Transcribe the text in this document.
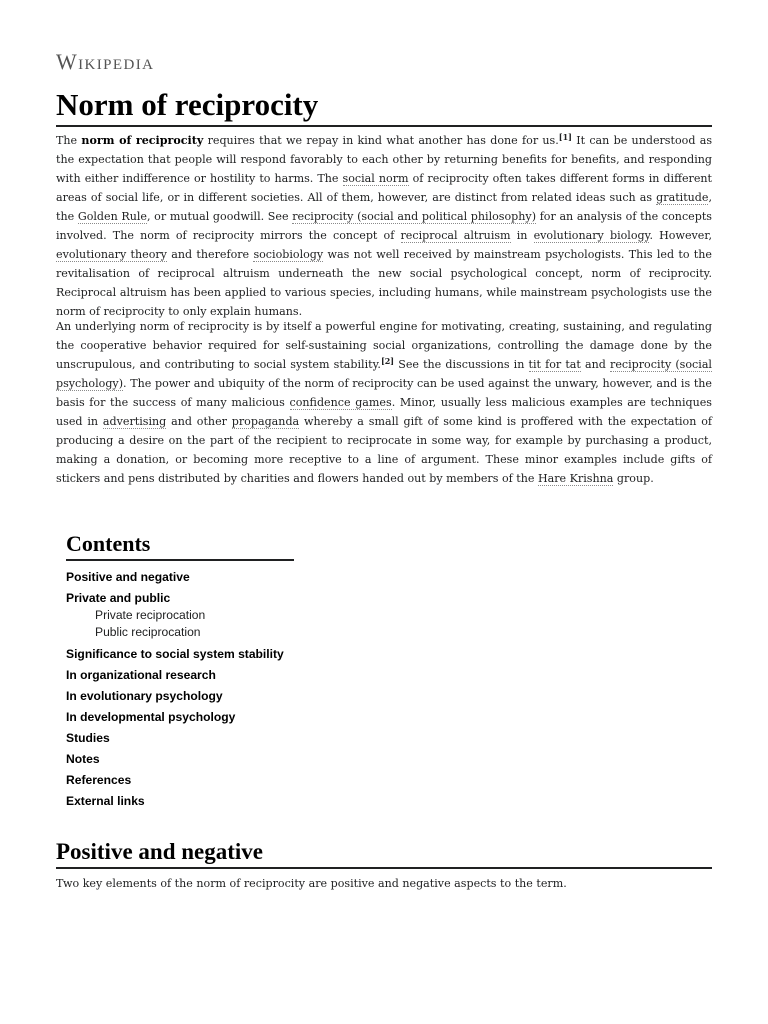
Wikipedia
Norm of reciprocity

The norm of reciprocity requires that we repay in kind what another has done for us.[1] It can be understood as the expectation that people will respond favorably to each other by returning benefits for benefits, and responding with either indifference or hostility to harms. The social norm of reciprocity often takes different forms in different areas of social life, or in different societies. All of them, however, are distinct from related ideas such as gratitude, the Golden Rule, or mutual goodwill. See reciprocity (social and political philosophy) for an analysis of the concepts involved. The norm of reciprocity mirrors the concept of reciprocal altruism in evolutionary biology. However, evolutionary theory and therefore sociobiology was not well received by mainstream psychologists. This led to the revitalisation of reciprocal altruism underneath the new social psychological concept, norm of reciprocity. Reciprocal altruism has been applied to various species, including humans, while mainstream psychologists use the norm of reciprocity to only explain humans.

An underlying norm of reciprocity is by itself a powerful engine for motivating, creating, sustaining, and regulating the cooperative behavior required for self-sustaining social organizations, controlling the damage done by the unscrupulous, and contributing to social system stability.[2] See the discussions in tit for tat and reciprocity (social psychology). The power and ubiquity of the norm of reciprocity can be used against the unwary, however, and is the basis for the success of many malicious confidence games. Minor, usually less malicious examples are techniques used in advertising and other propaganda whereby a small gift of some kind is proffered with the expectation of producing a desire on the part of the recipient to reciprocate in some way, for example by purchasing a product, making a donation, or becoming more receptive to a line of argument. These minor examples include gifts of stickers and pens distributed by charities and flowers handed out by members of the Hare Krishna group.

Contents
Positive and negative
Private and public
Private reciprocation
Public reciprocation
Significance to social system stability
In organizational research
In evolutionary psychology
In developmental psychology
Studies
Notes
References
External links
Positive and negative

Two key elements of the norm of reciprocity are positive and negative aspects to the term.
